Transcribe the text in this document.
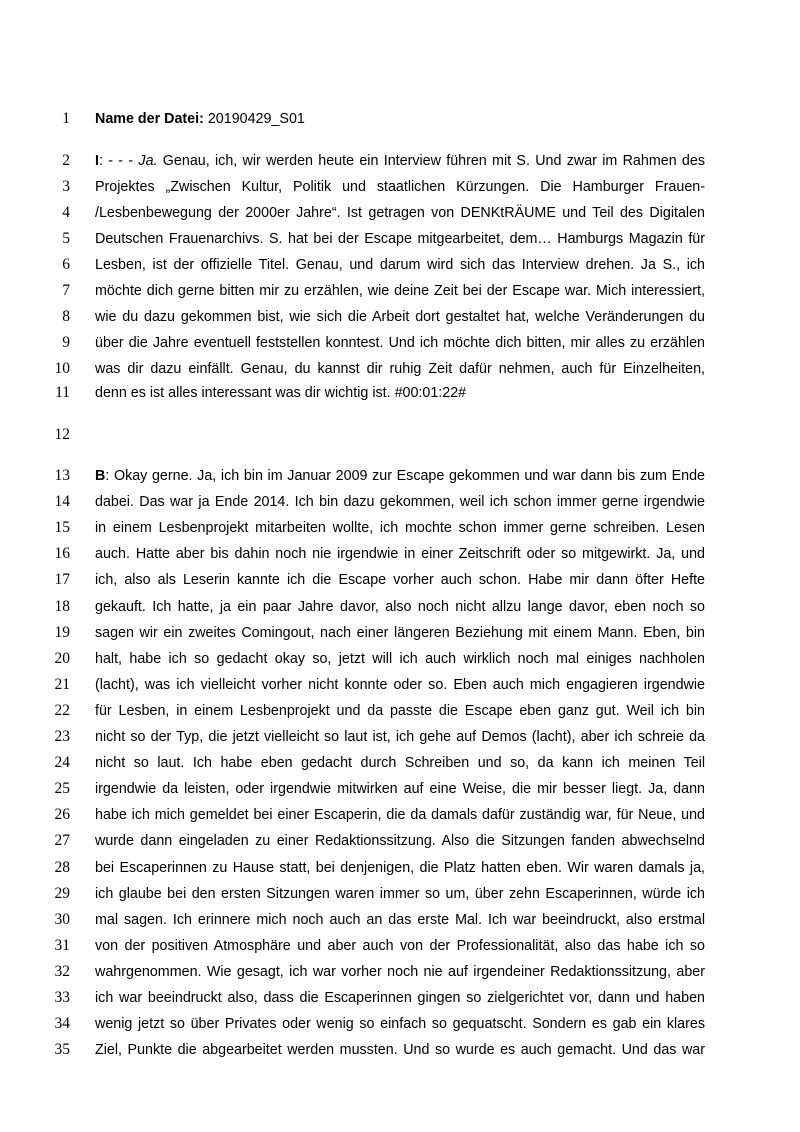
1 Name der Datei: 20190429_S01
2 I: - - - Ja. Genau, ich, wir werden heute ein Interview führen mit S. Und zwar im Rahmen des
3 Projektes „Zwischen Kultur, Politik und staatlichen Kürzungen. Die Hamburger Frauen-
4 /Lesbenbewegung der 2000er Jahre“. Ist getragen von DENKtRÄUME und Teil des Digitalen
5 Deutschen Frauenarchivs. S. hat bei der Escape mitgearbeitet, dem… Hamburgs Magazin für
6 Lesben, ist der offizielle Titel. Genau, und darum wird sich das Interview drehen. Ja S., ich
7 möchte dich gerne bitten mir zu erzählen, wie deine Zeit bei der Escape war. Mich interessiert,
8 wie du dazu gekommen bist, wie sich die Arbeit dort gestaltet hat, welche Veränderungen du
9 über die Jahre eventuell feststellen konntest. Und ich möchte dich bitten, mir alles zu erzählen
10 was dir dazu einfällt. Genau, du kannst dir ruhig Zeit dafür nehmen, auch für Einzelheiten,
11 denn es ist alles interessant was dir wichtig ist. #00:01:22#
12
13 B: Okay gerne. Ja, ich bin im Januar 2009 zur Escape gekommen und war dann bis zum Ende
14 dabei. Das war ja Ende 2014. Ich bin dazu gekommen, weil ich schon immer gerne irgendwie
15 in einem Lesbenprojekt mitarbeiten wollte, ich mochte schon immer gerne schreiben. Lesen
16 auch. Hatte aber bis dahin noch nie irgendwie in einer Zeitschrift oder so mitgewirkt. Ja, und
17 ich, also als Leserin kannte ich die Escape vorher auch schon. Habe mir dann öfter Hefte
18 gekauft. Ich hatte, ja ein paar Jahre davor, also noch nicht allzu lange davor, eben noch so
19 sagen wir ein zweites Comingout, nach einer längeren Beziehung mit einem Mann. Eben, bin
20 halt, habe ich so gedacht okay so, jetzt will ich auch wirklich noch mal einiges nachholen
21 (lacht), was ich vielleicht vorher nicht konnte oder so. Eben auch mich engagieren irgendwie
22 für Lesben, in einem Lesbenprojekt und da passte die Escape eben ganz gut. Weil ich bin
23 nicht so der Typ, die jetzt vielleicht so laut ist, ich gehe auf Demos (lacht), aber ich schreie da
24 nicht so laut. Ich habe eben gedacht durch Schreiben und so, da kann ich meinen Teil
25 irgendwie da leisten, oder irgendwie mitwirken auf eine Weise, die mir besser liegt. Ja, dann
26 habe ich mich gemeldet bei einer Escaperin, die da damals dafür zuständig war, für Neue, und
27 wurde dann eingeladen zu einer Redaktionssitzung. Also die Sitzungen fanden abwechselnd
28 bei Escaperinnen zu Hause statt, bei denjenigen, die Platz hatten eben. Wir waren damals ja,
29 ich glaube bei den ersten Sitzungen waren immer so um, über zehn Escaperinnen, würde ich
30 mal sagen. Ich erinnere mich noch auch an das erste Mal. Ich war beeindruckt, also erstmal
31 von der positiven Atmosphäre und aber auch von der Professionalität, also das habe ich so
32 wahrgenommen. Wie gesagt, ich war vorher noch nie auf irgendeiner Redaktionssitzung, aber
33 ich war beeindruckt also, dass die Escaperinnen gingen so zielgerichtet vor, dann und haben
34 wenig jetzt so über Privates oder wenig so einfach so gequatscht. Sondern es gab ein klares
35 Ziel, Punkte die abgearbeitet werden mussten. Und so wurde es auch gemacht. Und das war
